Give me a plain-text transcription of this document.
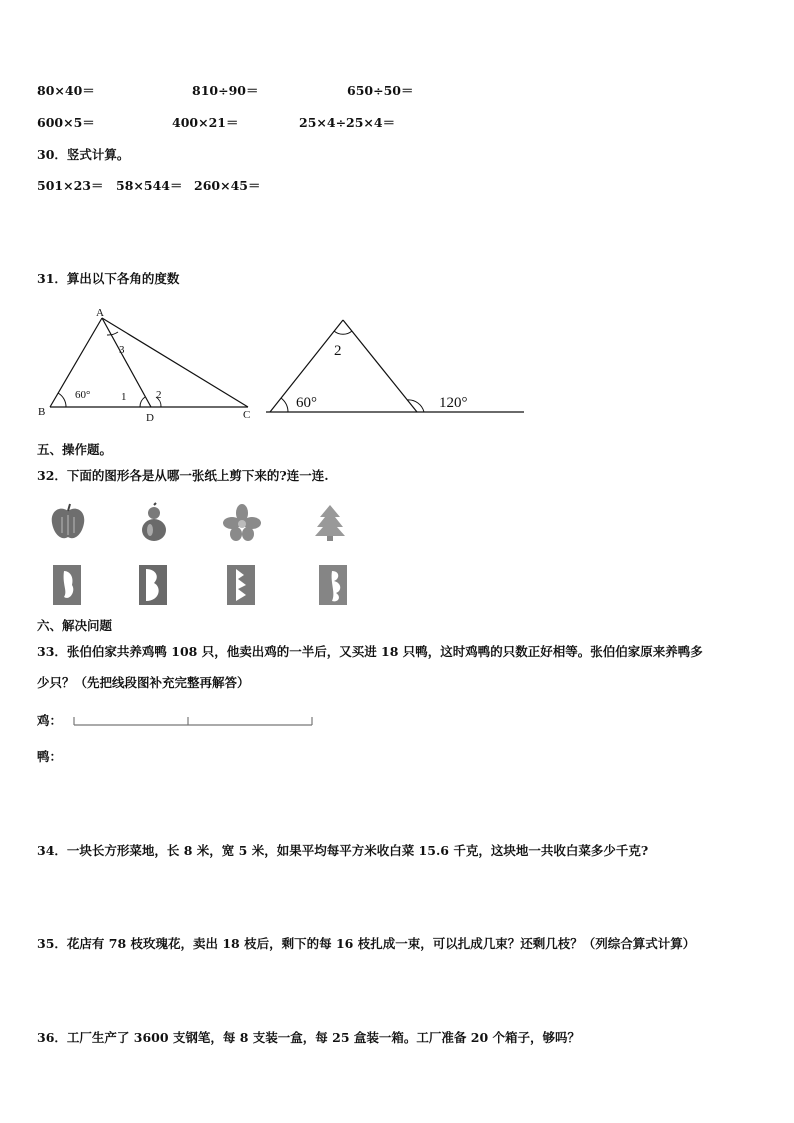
80×40＝	810÷90＝	650÷50＝
600×5＝	400×21＝	25×4÷25×4＝
30．竖式计算。
501×23＝ 58×544＝ 260×45＝
31．算出以下各角的度数
A
B	C
D
60°	1	2
3	2
60°	120°
五、操作题。
32．下面的图形各是从哪一张纸上剪下来的?连一连.
六、解决问题
33．张伯伯家共养鸡鸭 108 只，他卖出鸡的一半后，又买进 18 只鸭，这时鸡鸭的只数正好相等。张伯伯家原来养鸭多
少只？（先把线段图补充完整再解答）
鸡：
鸭：
34．一块长方形菜地，长 8 米，宽 5 米，如果平均每平方米收白菜 15.6 千克，这块地一共收白菜多少千克?
35．花店有 78 枝玫瑰花，卖出 18 枝后，剩下的每 16 枝扎成一束，可以扎成几束？还剩几枝？（列综合算式计算）
36．工厂生产了 3600 支钢笔，每 8 支装一盒，每 25 盒装一箱。工厂准备 20 个箱子，够吗？
